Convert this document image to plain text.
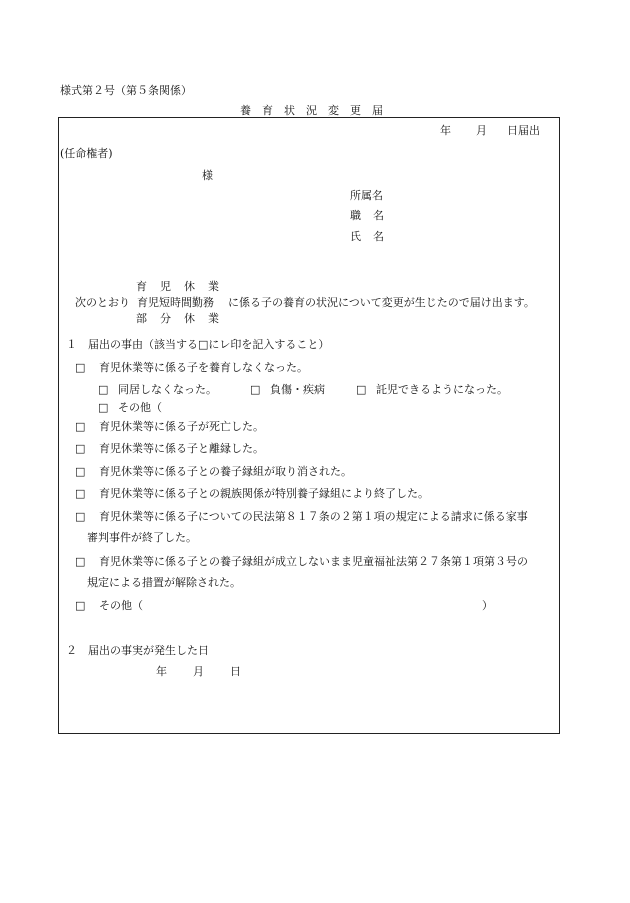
様式第２号（第５条関係）
養育状況変更届
年 月 日届出
(任命権者)
様
所属名
職名
氏名
育児休業
次のとおり 育児短時間勤務 に係る子の養育の状況について変更が生じたので届け出ます。
部分休業
１　届出の事由（該当する□にレ印を記入すること）
□ 育児休業等に係る子を養育しなくなった。
□ 同居しなくなった。	□ 負傷・疾病	□ 託児できるようになった。
□ その他（
□ 育児休業等に係る子が死亡した。
□ 育児休業等に係る子と離縁した。
□ 育児休業等に係る子との養子縁組が取り消された。
□ 育児休業等に係る子との親族関係が特別養子縁組により終了した。
□ 育児休業等に係る子についての民法第８１７条の２第１項の規定による請求に係る家事
審判事件が終了した。
□ 育児休業等に係る子との養子縁組が成立しないまま児童福祉法第２７条第１項第３号の
規定による措置が解除された。
□ その他（	）
２　届出の事実が発生した日
年 月 日
